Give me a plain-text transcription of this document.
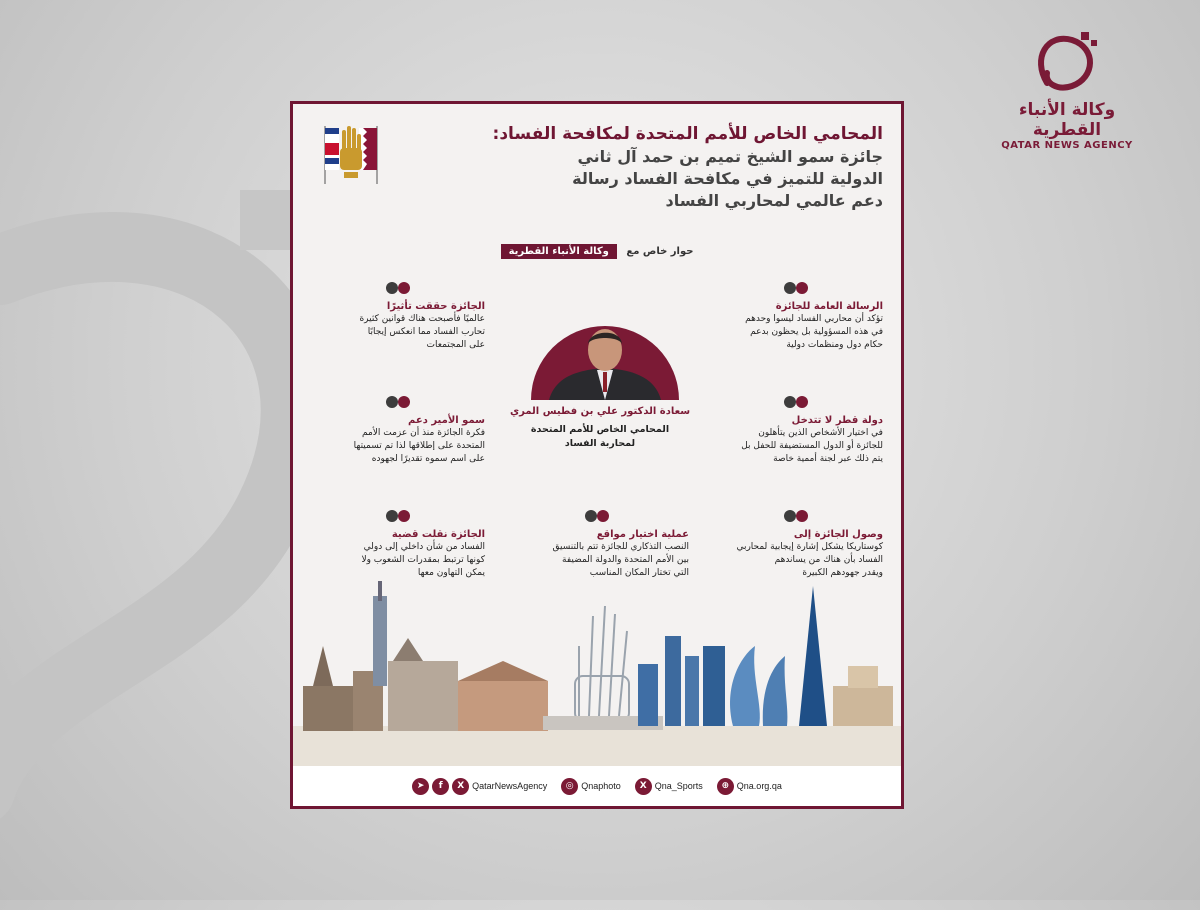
وكالة الأنباء القطرية
QATAR NEWS AGENCY
المحامي الخاص للأمم المتحدة لمكافحة الفساد:
جائزة سمو الشيخ تميم بن حمد آل ثاني
الدولية للتميز في مكافحة الفساد رسالة
دعم عالمي لمحاربي الفساد
حوار خاص مع وكالة الأنباء القطرية
الرسالة العامة للجائزة
تؤكد أن محاربي الفساد ليسوا وحدهم
في هذه المسؤولية بل يحظون بدعم
حكام دول ومنظمات دولية
الجائزة حققت تأثيرًا
عالميًا فأصبحت هناك قوانين كثيرة
تحارب الفساد مما انعكس إيجابًا
على المجتمعات
سعادة الدكتور علي بن فطيس المري
المحامي الخاص للأمم المتحدة
لمحاربة الفساد
دولة قطر لا تتدخل
في اختيار الأشخاص الذين يتأهلون
للجائزة أو الدول المستضيفة للحفل بل
يتم ذلك عبر لجنة أممية خاصة
سمو الأمير دعم
فكرة الجائزة منذ أن عزمت الأمم
المتحدة على إطلاقها لذا تم تسميتها
على اسم سموه تقديرًا لجهوده
وصول الجائزة إلى
كوستاريكا يشكل إشارة إيجابية لمحاربي
الفساد بأن هناك من يساندهم
ويقدر جهودهم الكبيرة
عملية اختيار مواقع
النصب التذكاري للجائزة تتم بالتنسيق
بين الأمم المتحدة والدولة المضيفة
التي تختار المكان المناسب
الجائزة نقلت قضية
الفساد من شأن داخلي إلى دولي
كونها ترتبط بمقدرات الشعوب ولا
يمكن التهاون معها
➤	f	X QatarNewsAgency	◎ Qnaphoto	X Qna_Sports	⊕ Qna.org.qa
